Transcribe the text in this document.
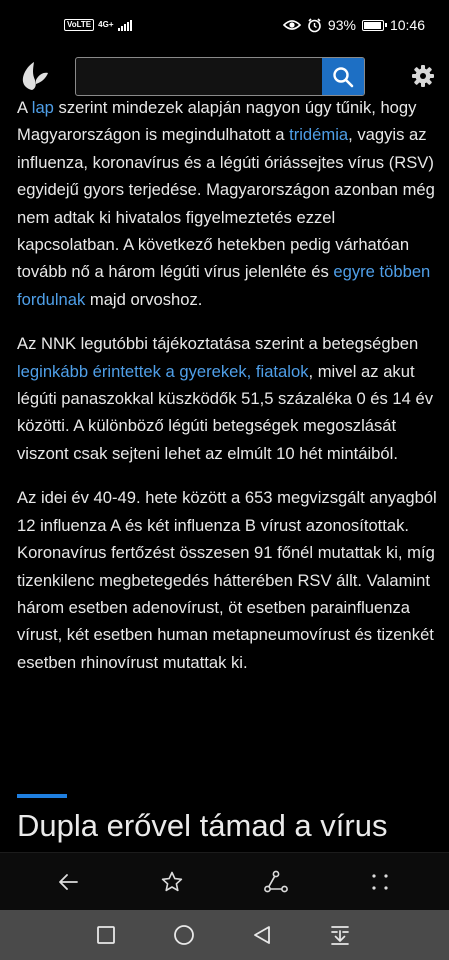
VoLTE 4G+	93% 10:46

A lap szerint mindezek alapján nagyon úgy tűnik, hogy Magyarországon is megindulhatott a tridémia, vagyis az influenza, koronavírus és a légúti óriássejtes vírus (RSV) egyidejű gyors terjedése. Magyarországon azonban még nem adtak ki hivatalos figyelmeztetés ezzel kapcsolatban. A következő hetekben pedig várhatóan tovább nő a három légúti vírus jelenléte és egyre többen fordulnak majd orvoshoz.

Az NNK legutóbbi tájékoztatása szerint a betegségben leginkább érintettek a gyerekek, fiatalok, mivel az akut légúti panaszokkal küszködők 51,5 százaléka 0 és 14 év közötti. A különböző légúti betegségek megoszlását viszont csak sejteni lehet az elmúlt 10 hét mintáiból.

Az idei év 40-49. hete között a 653 megvizsgált anyagból 12 influenza A és két influenza B vírust azonosítottak. Koronavírus fertőzést összesen 91 főnél mutattak ki, míg tizenkilenc megbetegedés hátterében RSV állt. Valamint három esetben adenovírust, öt esetben parainfluenza vírust, két esetben human metapneumovírust és tizenkét esetben rhinovírust mutattak ki.

Dupla erővel támad a vírus
